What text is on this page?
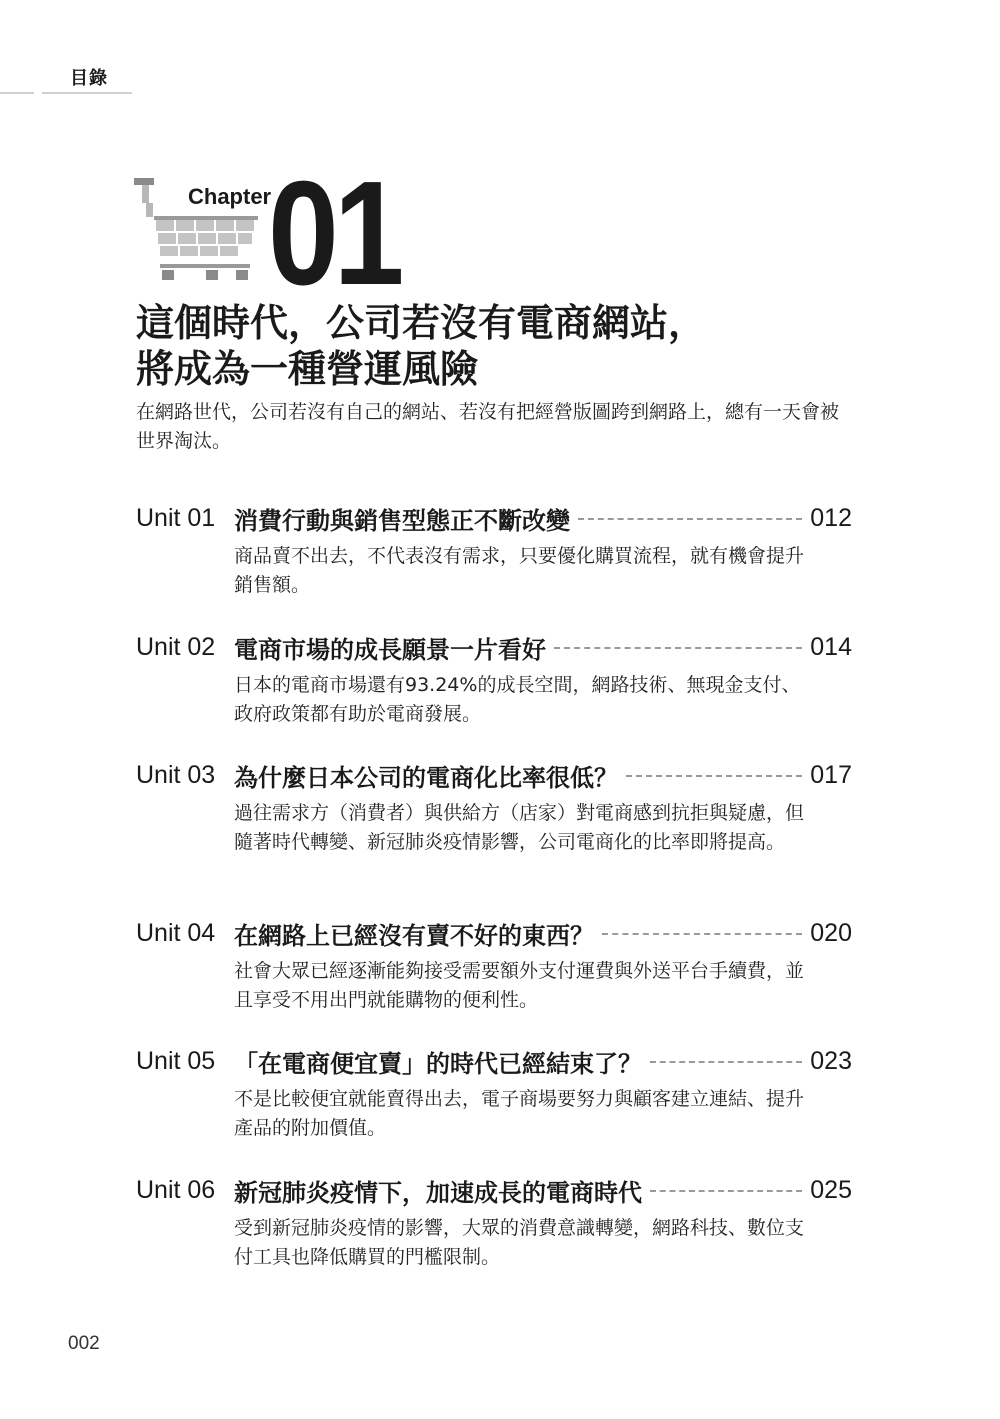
目錄
Chapter
01
這個時代，公司若沒有電商網站，
將成為一種營運風險

在網路世代，公司若沒有自己的網站、若沒有把經營版圖跨到網路上，總有一天會被世界淘汰。

Unit 01 消費行動與銷售型態正不斷改變	012
商品賣不出去，不代表沒有需求，只要優化購買流程，就有機會提升銷售額。
Unit 02 電商市場的成長願景一片看好	014
日本的電商市場還有93.24%的成長空間，網路技術、無現金支付、政府政策都有助於電商發展。
Unit 03 為什麼日本公司的電商化比率很低？	017
過往需求方（消費者）與供給方（店家）對電商感到抗拒與疑慮，但隨著時代轉變、新冠肺炎疫情影響，公司電商化的比率即將提高。
Unit 04 在網路上已經沒有賣不好的東西？	020
社會大眾已經逐漸能夠接受需要額外支付運費與外送平台手續費，並且享受不用出門就能購物的便利性。
Unit 05 「在電商便宜賣」的時代已經結束了？	023
不是比較便宜就能賣得出去，電子商場要努力與顧客建立連結、提升產品的附加價值。
Unit 06 新冠肺炎疫情下，加速成長的電商時代	025
受到新冠肺炎疫情的影響，大眾的消費意識轉變，網路科技、數位支付工具也降低購買的門檻限制。
002
